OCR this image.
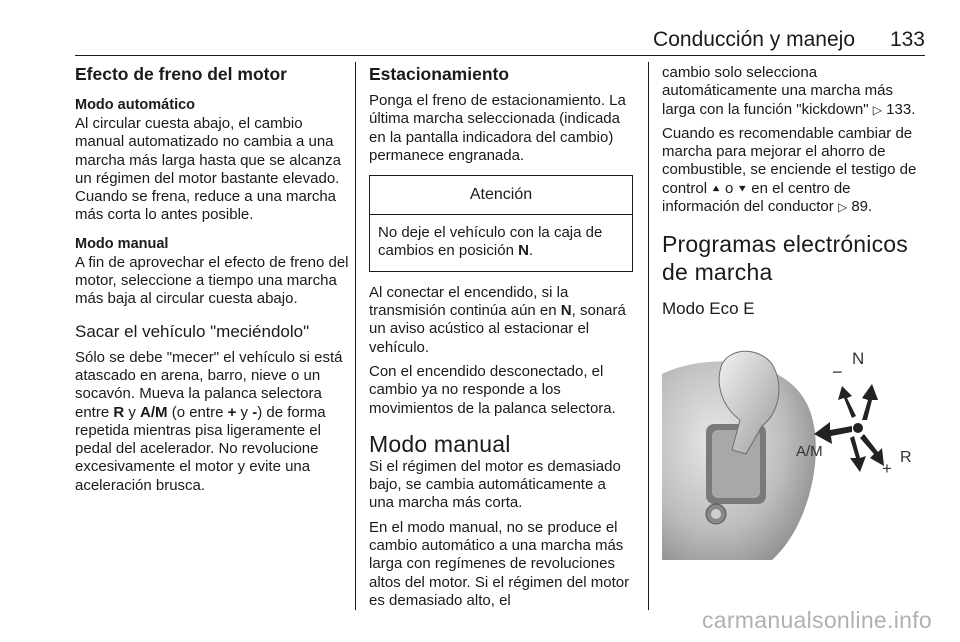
Conducción y manejo 133
Efecto de freno del motor
Modo automático

Al circular cuesta abajo, el cambio manual automatizado no cambia a una marcha más larga hasta que se alcanza un régimen del motor bastante elevado. Cuando se frena, reduce a una marcha más corta lo antes posible.

Modo manual

A fin de aprovechar el efecto de freno del motor, seleccione a tiempo una marcha más baja al circular cuesta abajo.

Sacar el vehículo "meciéndolo"

Sólo se debe "mecer" el vehículo si está atascado en arena, barro, nieve o un socavón. Mueva la palanca selectora entre R y A/M (o entre + y -) de forma repetida mientras pisa ligeramente el pedal del acelerador. No revolucione excesivamente el motor y evite una aceleración brusca.

Estacionamiento

Ponga el freno de estacionamiento. La última marcha seleccionada (indicada en la pantalla indicadora del cambio) permanece engranada.

Atención
No deje el vehículo con la caja de cambios en posición N.

Al conectar el encendido, si la transmisión continúa aún en N, sonará un aviso acústico al estacionar el vehículo.

Con el encendido desconectado, el cambio ya no responde a los movimientos de la palanca selectora.

Modo manual

Si el régimen del motor es demasiado bajo, se cambia automáticamente a una marcha más corta.

En el modo manual, no se produce el cambio automático a una marcha más larga con regímenes de revoluciones altos del motor. Si el régimen del motor es demasiado alto, el

cambio solo selecciona automáticamente una marcha más larga con la función "kickdown" ▷ 133.

Cuando es recomendable cambiar de marcha para mejorar el ahorro de combustible, se enciende el testigo de control ⯅ o ⯆ en el centro de información del conductor ▷ 89.

Programas electrónicos de marcha
Modo Eco E
−
N
A/M
+
R
carmanualsonline.info
